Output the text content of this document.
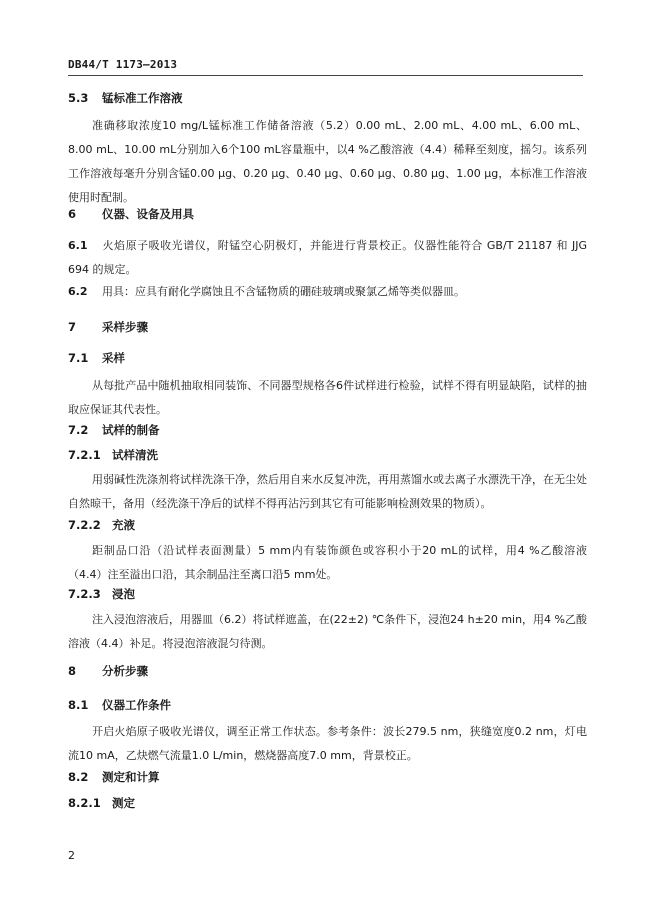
DB44/T 1173—2013
5.3 锰标准工作溶液
准确移取浓度10 mg/L锰标准工作储备溶液（5.2）0.00 mL、2.00 mL、4.00 mL、6.00 mL、8.00 mL、10.00 mL分别加入6个100 mL容量瓶中，以4 %乙酸溶液（4.4）稀释至刻度，摇匀。该系列工作溶液每毫升分别含锰0.00 μg、0.20 μg、0.40 μg、0.60 μg、0.80 μg、1.00 μg，本标准工作溶液使用时配制。
6 仪器、设备及用具
6.1 火焰原子吸收光谱仪，附锰空心阴极灯，并能进行背景校正。仪器性能符合 GB/T 21187 和 JJG 694 的规定。
6.2 用具：应具有耐化学腐蚀且不含锰物质的硼硅玻璃或聚氯乙烯等类似器皿。
7 采样步骤
7.1 采样
从每批产品中随机抽取相同装饰、不同器型规格各6件试样进行检验，试样不得有明显缺陷，试样的抽取应保证其代表性。
7.2 试样的制备
7.2.1 试样清洗
用弱碱性洗涤剂将试样洗涤干净，然后用自来水反复冲洗，再用蒸馏水或去离子水漂洗干净，在无尘处自然晾干，备用（经洗涤干净后的试样不得再沾污到其它有可能影响检测效果的物质）。
7.2.2 充液
距制品口沿（沿试样表面测量）5 mm内有装饰颜色或容积小于20 mL的试样，用4 %乙酸溶液（4.4）注至溢出口沿，其余制品注至离口沿5 mm处。
7.2.3 浸泡
注入浸泡溶液后，用器皿（6.2）将试样遮盖，在(22±2) ℃条件下，浸泡24 h±20 min，用4 %乙酸溶液（4.4）补足。将浸泡溶液混匀待测。
8 分析步骤
8.1 仪器工作条件
开启火焰原子吸收光谱仪，调至正常工作状态。参考条件：波长279.5 nm，狭缝宽度0.2 nm，灯电流10 mA，乙炔燃气流量1.0 L/min，燃烧器高度7.0 mm，背景校正。
8.2 测定和计算
8.2.1 测定
2
